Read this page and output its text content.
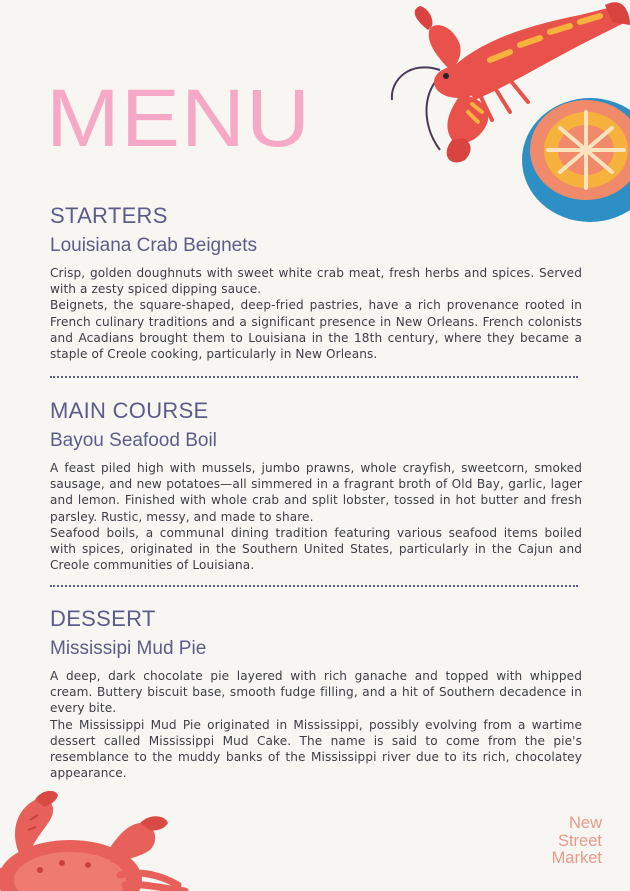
MENU
STARTERS
Louisiana Crab Beignets

Crisp, golden doughnuts with sweet white crab meat, fresh herbs and spices. Served with a zesty spiced dipping sauce.

Beignets, the square-shaped, deep-fried pastries, have a rich provenance rooted in French culinary traditions and a significant presence in New Orleans. French colonists and Acadians brought them to Louisiana in the 18th century, where they became a staple of Creole cooking, particularly in New Orleans.

MAIN COURSE
Bayou Seafood Boil

A feast piled high with mussels, jumbo prawns, whole crayfish, sweetcorn, smoked sausage, and new potatoes—all simmered in a fragrant broth of Old Bay, garlic, lager and lemon. Finished with whole crab and split lobster, tossed in hot butter and fresh parsley. Rustic, messy, and made to share.

Seafood boils, a communal dining tradition featuring various seafood items boiled with spices, originated in the Southern United States, particularly in the Cajun and Creole communities of Louisiana.

DESSERT
Mississipi Mud Pie

A deep, dark chocolate pie layered with rich ganache and topped with whipped cream. Buttery biscuit base, smooth fudge filling, and a hit of Southern decadence in every bite.

The Mississippi Mud Pie originated in Mississippi, possibly evolving from a wartime dessert called Mississippi Mud Cake. The name is said to come from the pie's resemblance to the muddy banks of the Mississippi river due to its rich, chocolatey appearance.

New
Street
Market
